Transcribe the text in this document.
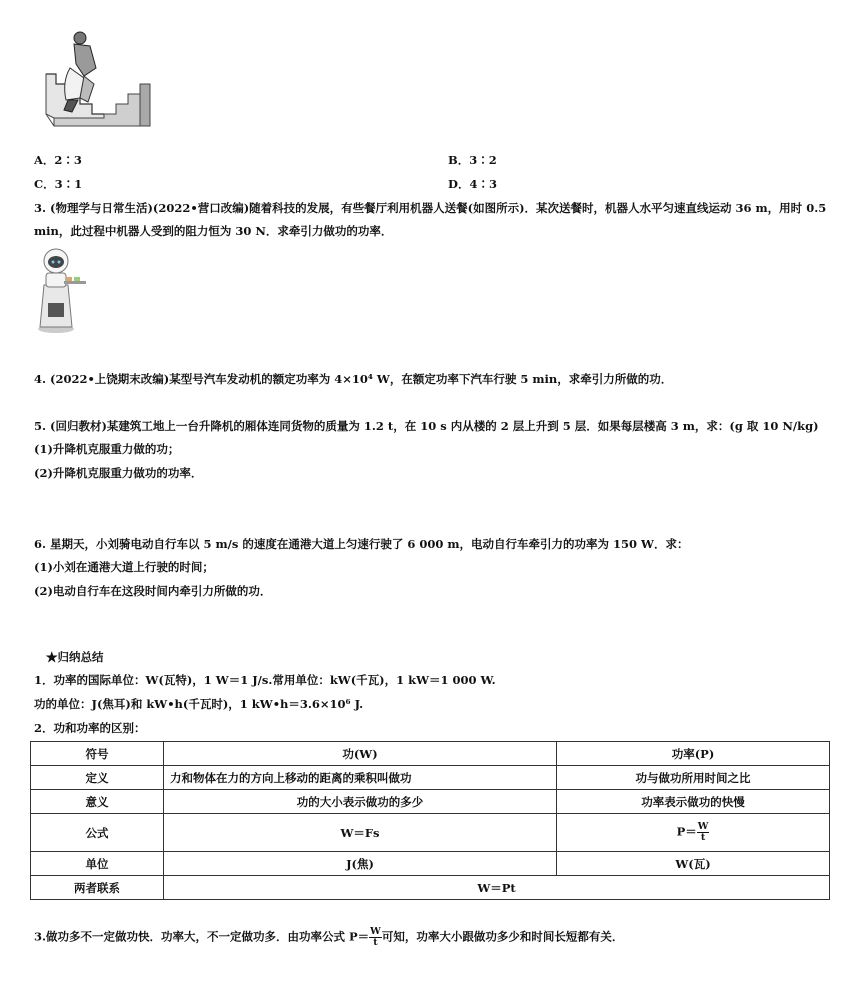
A．2∶3	B．3∶2
C．3∶1	D．4∶3
3. (物理学与日常生活)(2022•营口改编)随着科技的发展，有些餐厅利用机器人送餐(如图所示)．某次送餐时，机器人水平匀速直线运动 36 m，用时 0.5
min，此过程中机器人受到的阻力恒为 30 N．求牵引力做功的功率．
4. (2022•上饶期末改编)某型号汽车发动机的额定功率为 4×10⁴ W，在额定功率下汽车行驶 5 min，求牵引力所做的功．
5. (回归教材)某建筑工地上一台升降机的厢体连同货物的质量为 1.2 t，在 10 s 内从楼的 2 层上升到 5 层．如果每层楼高 3 m，求：(g 取 10 N/kg)
(1)升降机克服重力做的功；
(2)升降机克服重力做功的功率．
6. 星期天，小刘骑电动自行车以 5 m/s 的速度在通港大道上匀速行驶了 6 000 m，电动自行车牵引力的功率为 150 W．求：
(1)小刘在通港大道上行驶的时间；
(2)电动自行车在这段时间内牵引力所做的功．
★归纳总结
1．功率的国际单位：W(瓦特)，1 W＝1 J/s.常用单位：kW(千瓦)，1 kW＝1 000 W.
功的单位：J(焦耳)和 kW•h(千瓦时)，1 kW•h＝3.6×10⁶ J.
2．功和功率的区别：
符号	功(W)	功率(P)
定义	力和物体在力的方向上移动的距离的乘积叫做功	功与做功所用时间之比
意义	功的大小表示做功的多少	功率表示做功的快慢
公式	W＝Fs	$P= \frac{W}{t}$

单位	J(焦)	W(瓦)
两者联系	W＝Pt	
3.做功多不一定做功快．功率大，不一定做功多．由功率公式 $P= \frac{W}{t}$ 可知，功率大小跟做功多少和时间长短都有关．
